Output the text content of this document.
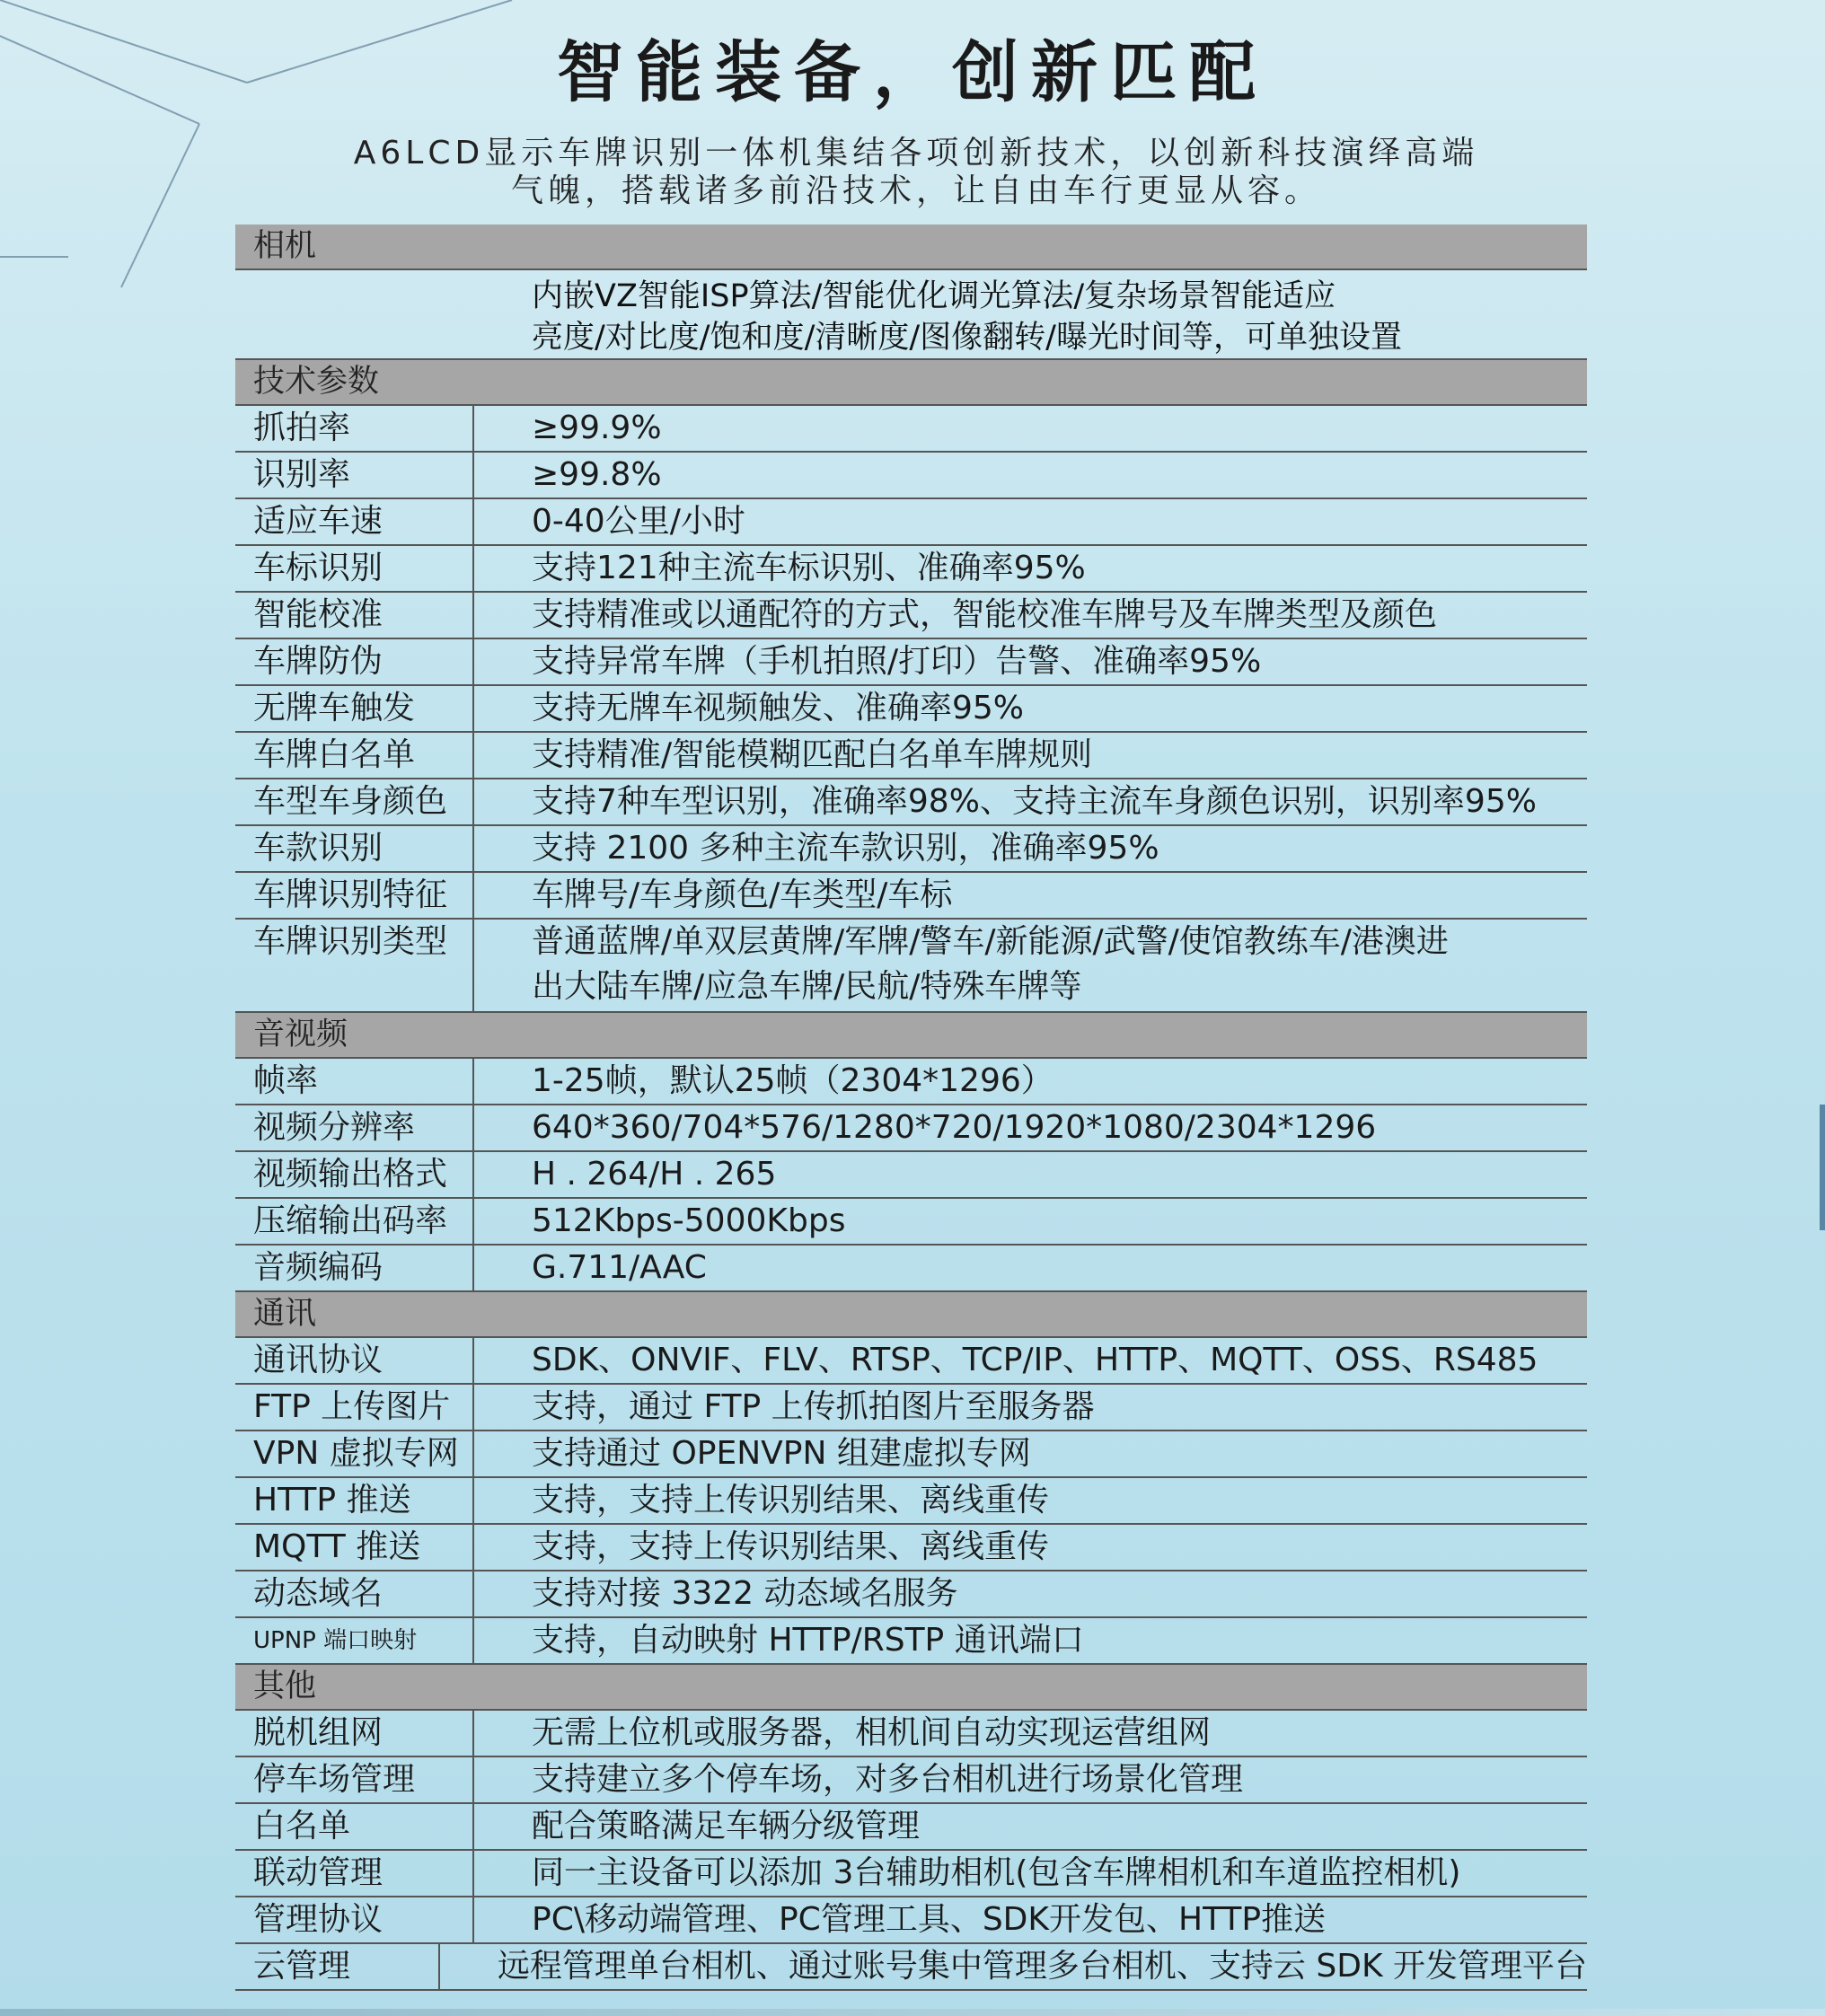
智能装备，创新匹配
A6LCD显示车牌识别一体机集结各项创新技术，以创新科技演绎高端
气魄，搭载诸多前沿技术，让自由车行更显从容。
相机
内嵌VZ智能ISP算法/智能优化调光算法/复杂场景智能适应
亮度/对比度/饱和度/清晰度/图像翻转/曝光时间等，可单独设置
技术参数
抓拍率	≥99.9%
识别率	≥99.8%
适应车速	0-40公里/小时
车标识别	支持121种主流车标识别、准确率95%
智能校准	支持精准或以通配符的方式，智能校准车牌号及车牌类型及颜色
车牌防伪	支持异常车牌（手机拍照/打印）告警、准确率95%
无牌车触发	支持无牌车视频触发、准确率95%
车牌白名单	支持精准/智能模糊匹配白名单车牌规则
车型车身颜色	支持7种车型识别，准确率98%、支持主流车身颜色识别，识别率95%
车款识别	支持 2100 多种主流车款识别，准确率95%
车牌识别特征	车牌号/车身颜色/车类型/车标
车牌识别类型	普通蓝牌/单双层黄牌/军牌/警车/新能源/武警/使馆教练车/港澳进
出大陆车牌/应急车牌/民航/特殊车牌等
音视频
帧率	1-25帧，默认25帧（2304*1296）
视频分辨率	640*360/704*576/1280*720/1920*1080/2304*1296
视频输出格式	H . 264/H . 265
压缩输出码率	512Kbps-5000Kbps
音频编码	G.711/AAC
通讯
通讯协议	SDK、ONVIF、FLV、RTSP、TCP/IP、HTTP、MQTT、OSS、RS485
FTP 上传图片	支持，通过 FTP 上传抓拍图片至服务器
VPN 虚拟专网	支持通过 OPENVPN 组建虚拟专网
HTTP 推送	支持，支持上传识别结果、离线重传
MQTT 推送	支持，支持上传识别结果、离线重传
动态域名	支持对接 3322 动态域名服务
UPNP 端口映射	支持，自动映射 HTTP/RSTP 通讯端口
其他
脱机组网	无需上位机或服务器，相机间自动实现运营组网
停车场管理	支持建立多个停车场，对多台相机进行场景化管理
白名单	配合策略满足车辆分级管理
联动管理	同一主设备可以添加 3台辅助相机(包含车牌相机和车道监控相机)
管理协议	PC\移动端管理、PC管理工具、SDK开发包、HTTP推送
云管理	远程管理单台相机、通过账号集中管理多台相机、支持云 SDK 开发管理平台
